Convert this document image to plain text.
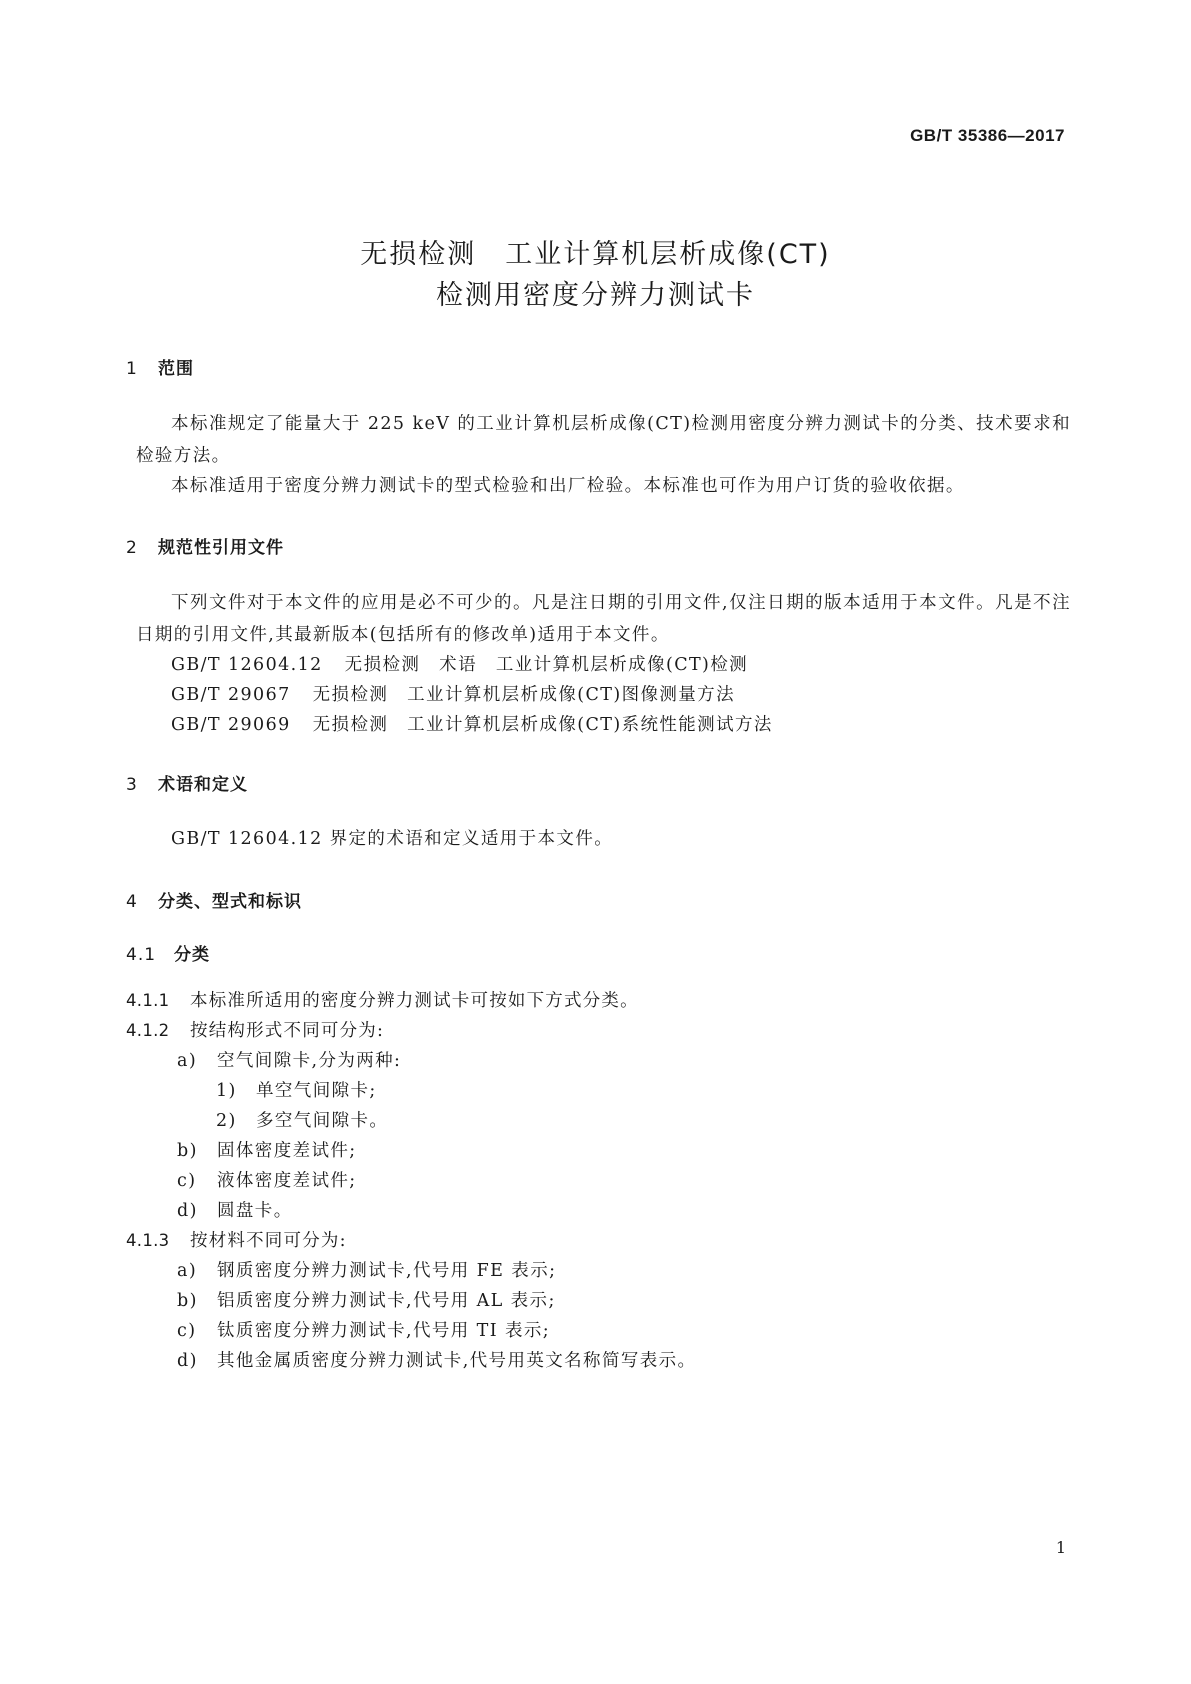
GB/T 35386—2017
无损检测　工业计算机层析成像(CT)
检测用密度分辨力测试卡
1 范围
本标准规定了能量大于 225 keV 的工业计算机层析成像(CT)检测用密度分辨力测试卡的分类、技术要求和检验方法。
本标准适用于密度分辨力测试卡的型式检验和出厂检验。本标准也可作为用户订货的验收依据。
2 规范性引用文件
下列文件对于本文件的应用是必不可少的。凡是注日期的引用文件,仅注日期的版本适用于本文件。凡是不注日期的引用文件,其最新版本(包括所有的修改单)适用于本文件。
GB/T 12604.12 无损检测　术语　工业计算机层析成像(CT)检测
GB/T 29067 无损检测　工业计算机层析成像(CT)图像测量方法
GB/T 29069 无损检测　工业计算机层析成像(CT)系统性能测试方法
3 术语和定义
GB/T 12604.12 界定的术语和定义适用于本文件。
4 分类、型式和标识
4.1 分类
4.1.1 本标准所适用的密度分辨力测试卡可按如下方式分类。
4.1.2 按结构形式不同可分为:
a) 空气间隙卡,分为两种:
1) 单空气间隙卡;
2) 多空气间隙卡。
b) 固体密度差试件;
c) 液体密度差试件;
d) 圆盘卡。
4.1.3 按材料不同可分为:
a) 钢质密度分辨力测试卡,代号用 FE 表示;
b) 铝质密度分辨力测试卡,代号用 AL 表示;
c) 钛质密度分辨力测试卡,代号用 TI 表示;
d) 其他金属质密度分辨力测试卡,代号用英文名称简写表示。
1
